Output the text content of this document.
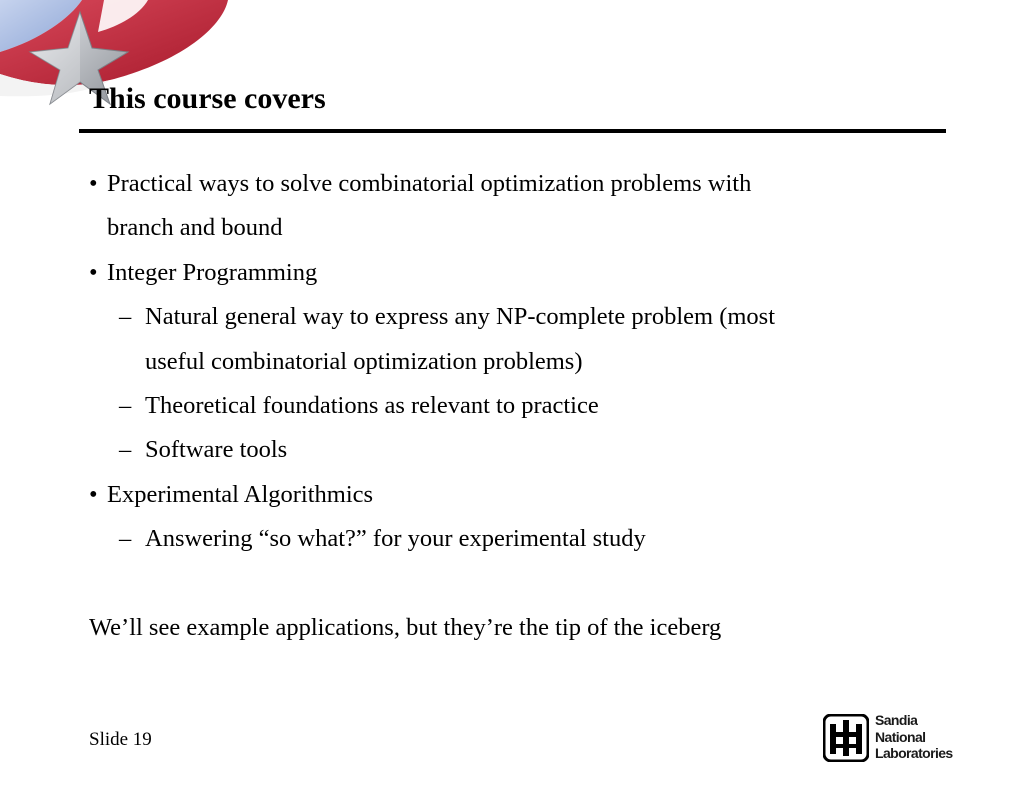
This course covers
• Practical ways to solve combinatorial optimization problems with
branch and bound
• Integer Programming
– Natural general way to express any NP-complete problem (most
useful combinatorial optimization problems)
– Theoretical foundations as relevant to practice
– Software tools
• Experimental Algorithmics
– Answering “so what?” for your experimental study
We’ll see example applications, but they’re the tip of the iceberg
Slide 19
Sandia
National
Laboratories
